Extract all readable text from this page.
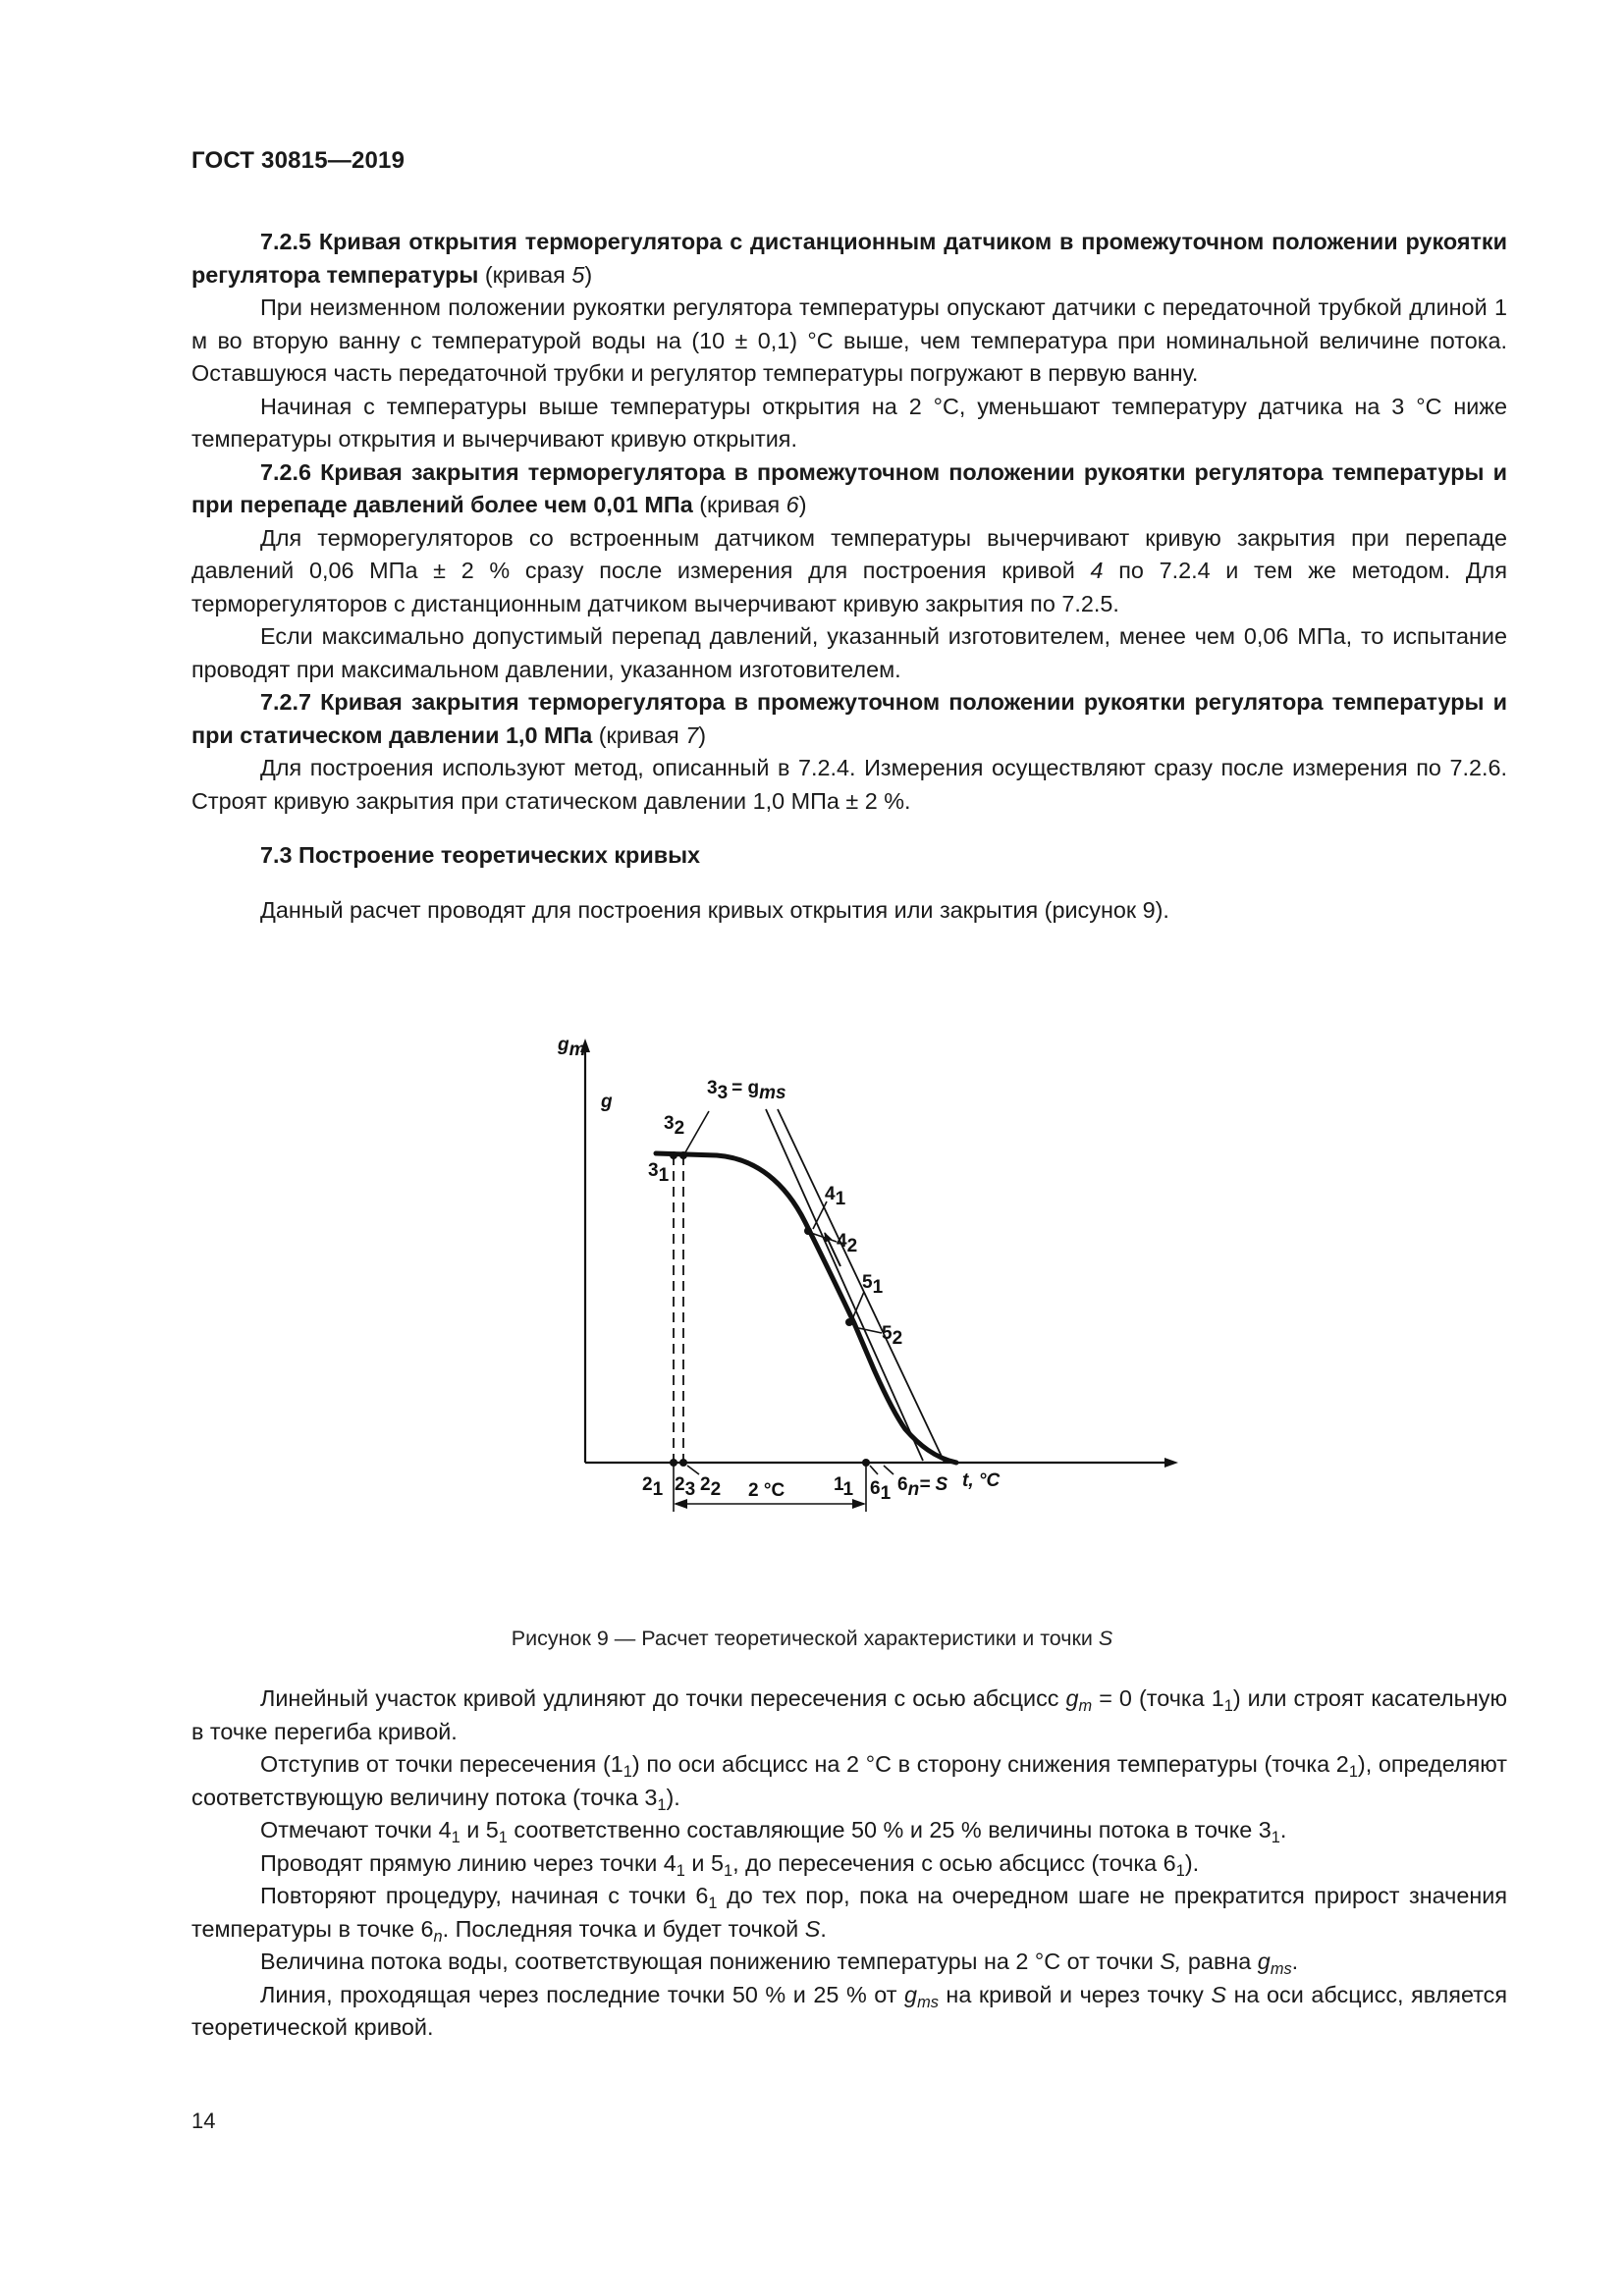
ГОСТ 30815—2019

7.2.5 Кривая открытия терморегулятора с дистанционным датчиком в промежуточном положении рукоятки регулятора температуры (кривая 5)

При неизменном положении рукоятки регулятора температуры опускают датчики с передаточной трубкой длиной 1 м во вторую ванну с температурой воды на (10 ± 0,1) °С выше, чем температура при номинальной величине потока. Оставшуюся часть передаточной трубки и регулятор температуры погружают в первую ванну.

Начиная с температуры выше температуры открытия на 2 °С, уменьшают температуру датчика на 3 °С ниже температуры открытия и вычерчивают кривую открытия.

7.2.6 Кривая закрытия терморегулятора в промежуточном положении рукоятки регулятора температуры и при перепаде давлений более чем 0,01 МПа (кривая 6)

Для терморегуляторов со встроенным датчиком температуры вычерчивают кривую закрытия при перепаде давлений 0,06 МПа ± 2 % сразу после измерения для построения кривой 4 по 7.2.4 и тем же методом. Для терморегуляторов с дистанционным датчиком вычерчивают кривую закрытия по 7.2.5.

Если максимально допустимый перепад давлений, указанный изготовителем, менее чем 0,06 МПа, то испытание проводят при максимальном давлении, указанном изготовителем.

7.2.7 Кривая закрытия терморегулятора в промежуточном положении рукоятки регулятора температуры и при статическом давлении 1,0 МПа (кривая 7)

Для построения используют метод, описанный в 7.2.4. Измерения осуществляют сразу после измерения по 7.2.6. Строят кривую закрытия при статическом давлении 1,0 МПа ± 2 %.

7.3 Построение теоретических кривых

Данный расчет проводят для построения кривых открытия или закрытия (рисунок 9).

gm
g
32
31
33 = gms
41
42
51
52
21 23 22	11 61 6n= S t, °C
2 °C
Рисунок 9 — Расчет теоретической характеристики и точки S

Линейный участок кривой удлиняют до точки пересечения с осью абсцисс $g_m = 0$ (точка $1_1$) или строят касательную в точке перегиба кривой.

Отступив от точки пересечения $(1_1)$ по оси абсцисс на 2 °С в сторону снижения температуры (точка $2_1$), определяют соответствующую величину потока (точка $3_1$).

Отмечают точки $4_1$ и $5_1$ соответственно составляющие 50 % и 25 % величины потока в точке $3_1$.

Проводят прямую линию через точки $4_1$ и $5_1$, до пересечения с осью абсцисс (точка $6_1$).

Повторяют процедуру, начиная с точки $6_1$ до тех пор, пока на очередном шаге не прекратится прирост значения температуры в точке $6_n$. Последняя точка и будет точкой S.

Величина потока воды, соответствующая понижению температуры на 2 °С от точки S, равна $g_{ms}$.

Линия, проходящая через последние точки 50 % и 25 % от $g_{ms}$ на кривой и через точку S на оси абсцисс, является теоретической кривой.

14
